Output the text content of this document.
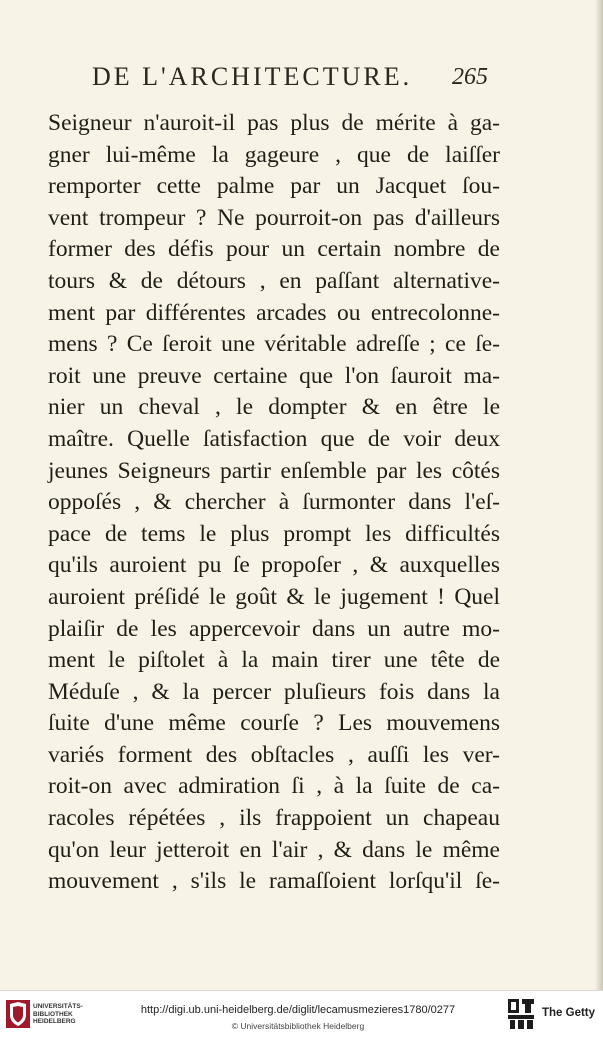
DE L'ARCHITECTURE. 265
Seigneur n'auroit-il pas plus de mérite à ga-
gner lui-même la gageure , que de laiſſer
remporter cette palme par un Jacquet ſou-
vent trompeur ? Ne pourroit-on pas d'ailleurs
former des défis pour un certain nombre de
tours & de détours , en paſſant alternative-
ment par différentes arcades ou entrecolonne-
mens ? Ce ſeroit une véritable adreſſe ; ce ſe-
roit une preuve certaine que l'on ſauroit ma-
nier un cheval , le dompter & en être le
maître. Quelle ſatisfaction que de voir deux
jeunes Seigneurs partir enſemble par les côtés
oppoſés , & chercher à ſurmonter dans l'eſ-
pace de tems le plus prompt les difficultés
qu'ils auroient pu ſe propoſer , & auxquelles
auroient préſidé le goût & le jugement ! Quel
plaiſir de les appercevoir dans un autre mo-
ment le piſtolet à la main tirer une tête de
Méduſe , & la percer pluſieurs fois dans la
ſuite d'une même courſe ? Les mouvemens
variés forment des obſtacles , auſſi les ver-
roit-on avec admiration ſi , à la ſuite de ca-
racoles répétées , ils frappoient un chapeau
qu'on leur jetteroit en l'air , & dans le même
mouvement , s'ils le ramaſſoient lorſqu'il ſe-
UNIVERSITÄTS-
BIBLIOTHEK
HEIDELBERG
http://digi.ub.uni-heidelberg.de/diglit/lecamusmezieres1780/0277
© Universitätsbibliothek Heidelberg
The Getty
